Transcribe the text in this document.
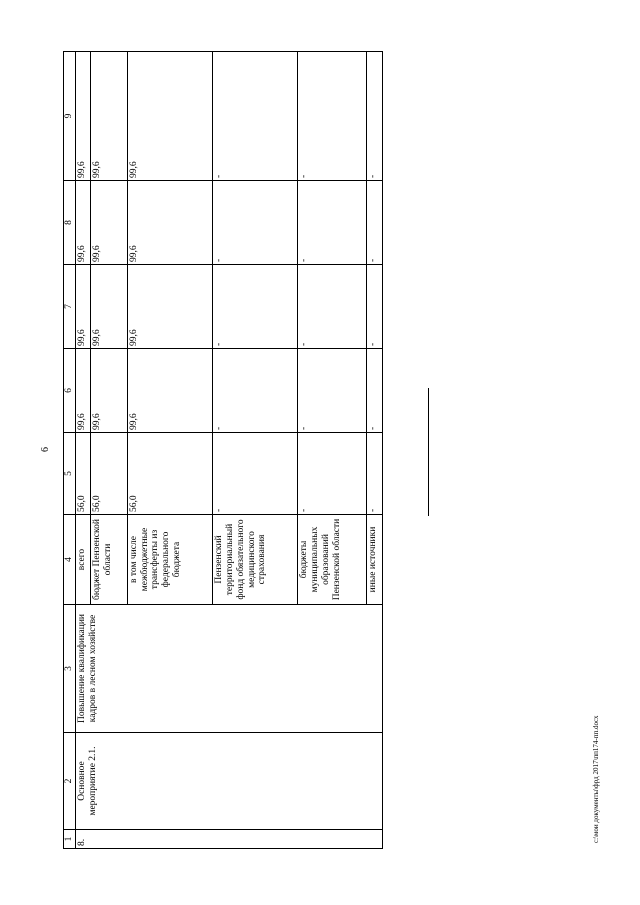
6
1	2	3	4	5	6	7	8	9
8.	Основное мероприятие 2.1.	Повышение квалификации кадров в лесном хозяйстве	всего	56,0	99,6	99,6	99,6	99,6
			бюджет Пензенской области	56,0	99,6	99,6	99,6	99,6
			в том числе межбюджетные трансферты из федерального бюджета	56,0	99,6	99,6	99,6	99,6
			Пензенский территориальный фонд обязательного медицинского страхования	-	-	-	-	-
			бюджеты муниципальных образований Пензенской области	-	-	-	-	-
			иные источники	-	-	-	-	-
с:\мои документы\фрд 2017\пп174-пп.docx
